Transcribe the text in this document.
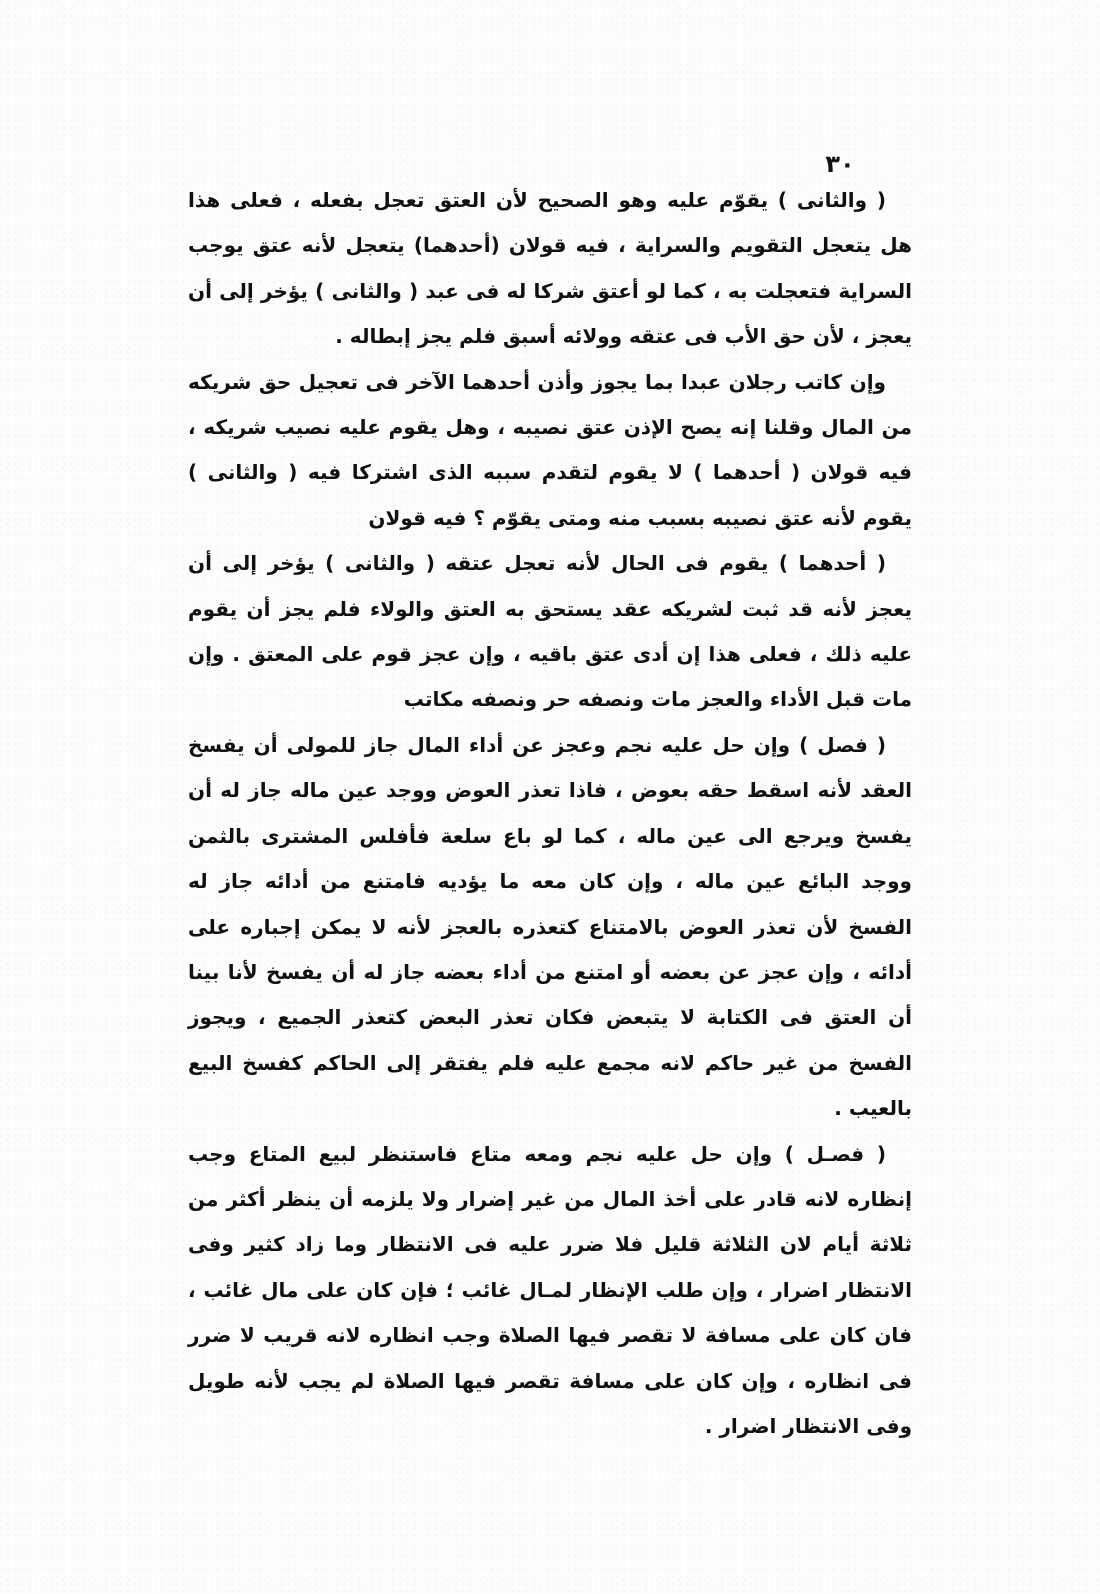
٣٠

( والثانى ) يقوّم عليه وهو الصحيح لأن العتق تعجل بفعله ، فعلى هذا هل يتعجل التقويم والسراية ، فيه قولان (أحدهما) يتعجل لأنه عتق يوجب السراية فتعجلت به ، كما لو أعتق شركا له فى عبد ( والثانى ) يؤخر إلى أن يعجز ، لأن حق الأب فى عتقه وولائه أسبق فلم يجز إبطاله .

وإن كاتب رجلان عبدا بما يجوز وأذن أحدهما الآخر فى تعجيل حق شريكه من المال وقلنا إنه يصح الإذن عتق نصيبه ، وهل يقوم عليه نصيب شريكه ، فيه قولان ( أحدهما ) لا يقوم لتقدم سببه الذى اشتركا فيه ( والثانى ) يقوم لأنه عتق نصيبه بسبب منه ومتى يقوّم ؟ فيه قولان

( أحدهما ) يقوم فى الحال لأنه تعجل عتقه ( والثانى ) يؤخر إلى أن يعجز لأنه قد ثبت لشريكه عقد يستحق به العتق والولاء فلم يجز أن يقوم عليه ذلك ، فعلى هذا إن أدى عتق باقيه ، وإن عجز قوم على المعتق . وإن مات قبل الأداء والعجز مات ونصفه حر ونصفه مكاتب

( فصل ) وإن حل عليه نجم وعجز عن أداء المال جاز للمولى أن يفسخ العقد لأنه اسقط حقه بعوض ، فاذا تعذر العوض ووجد عين ماله جاز له أن يفسخ ويرجع الى عين ماله ، كما لو باع سلعة فأفلس المشترى بالثمن ووجد البائع عين ماله ، وإن كان معه ما يؤديه فامتنع من أدائه جاز له الفسخ لأن تعذر العوض بالامتناع كتعذره بالعجز لأنه لا يمكن إجباره على أدائه ، وإن عجز عن بعضه أو امتنع من أداء بعضه جاز له أن يفسخ لأنا بينا أن العتق فى الكتابة لا يتبعض فكان تعذر البعض كتعذر الجميع ، ويجوز الفسخ من غير حاكم لانه مجمع عليه فلم يفتقر إلى الحاكم كفسخ البيع بالعيب .

( فصـل ) وإن حل عليه نجم ومعه متاع فاستنظر لبيع المتاع وجب إنظاره لانه قادر على أخذ المال من غير إضرار ولا يلزمه أن ينظر أكثر من ثلاثة أيام لان الثلاثة قليل فلا ضرر عليه فى الانتظار وما زاد كثير وفى الانتظار اضرار ، وإن طلب الإنظار لمـال غائب ؛ فإن كان على مال غائب ، فان كان على مسافة لا تقصر فيها الصلاة وجب انظاره لانه قريب لا ضرر فى انظاره ، وإن كان على مسافة تقصر فيها الصلاة لم يجب لأنه طويل وفى الانتظار اضرار .
